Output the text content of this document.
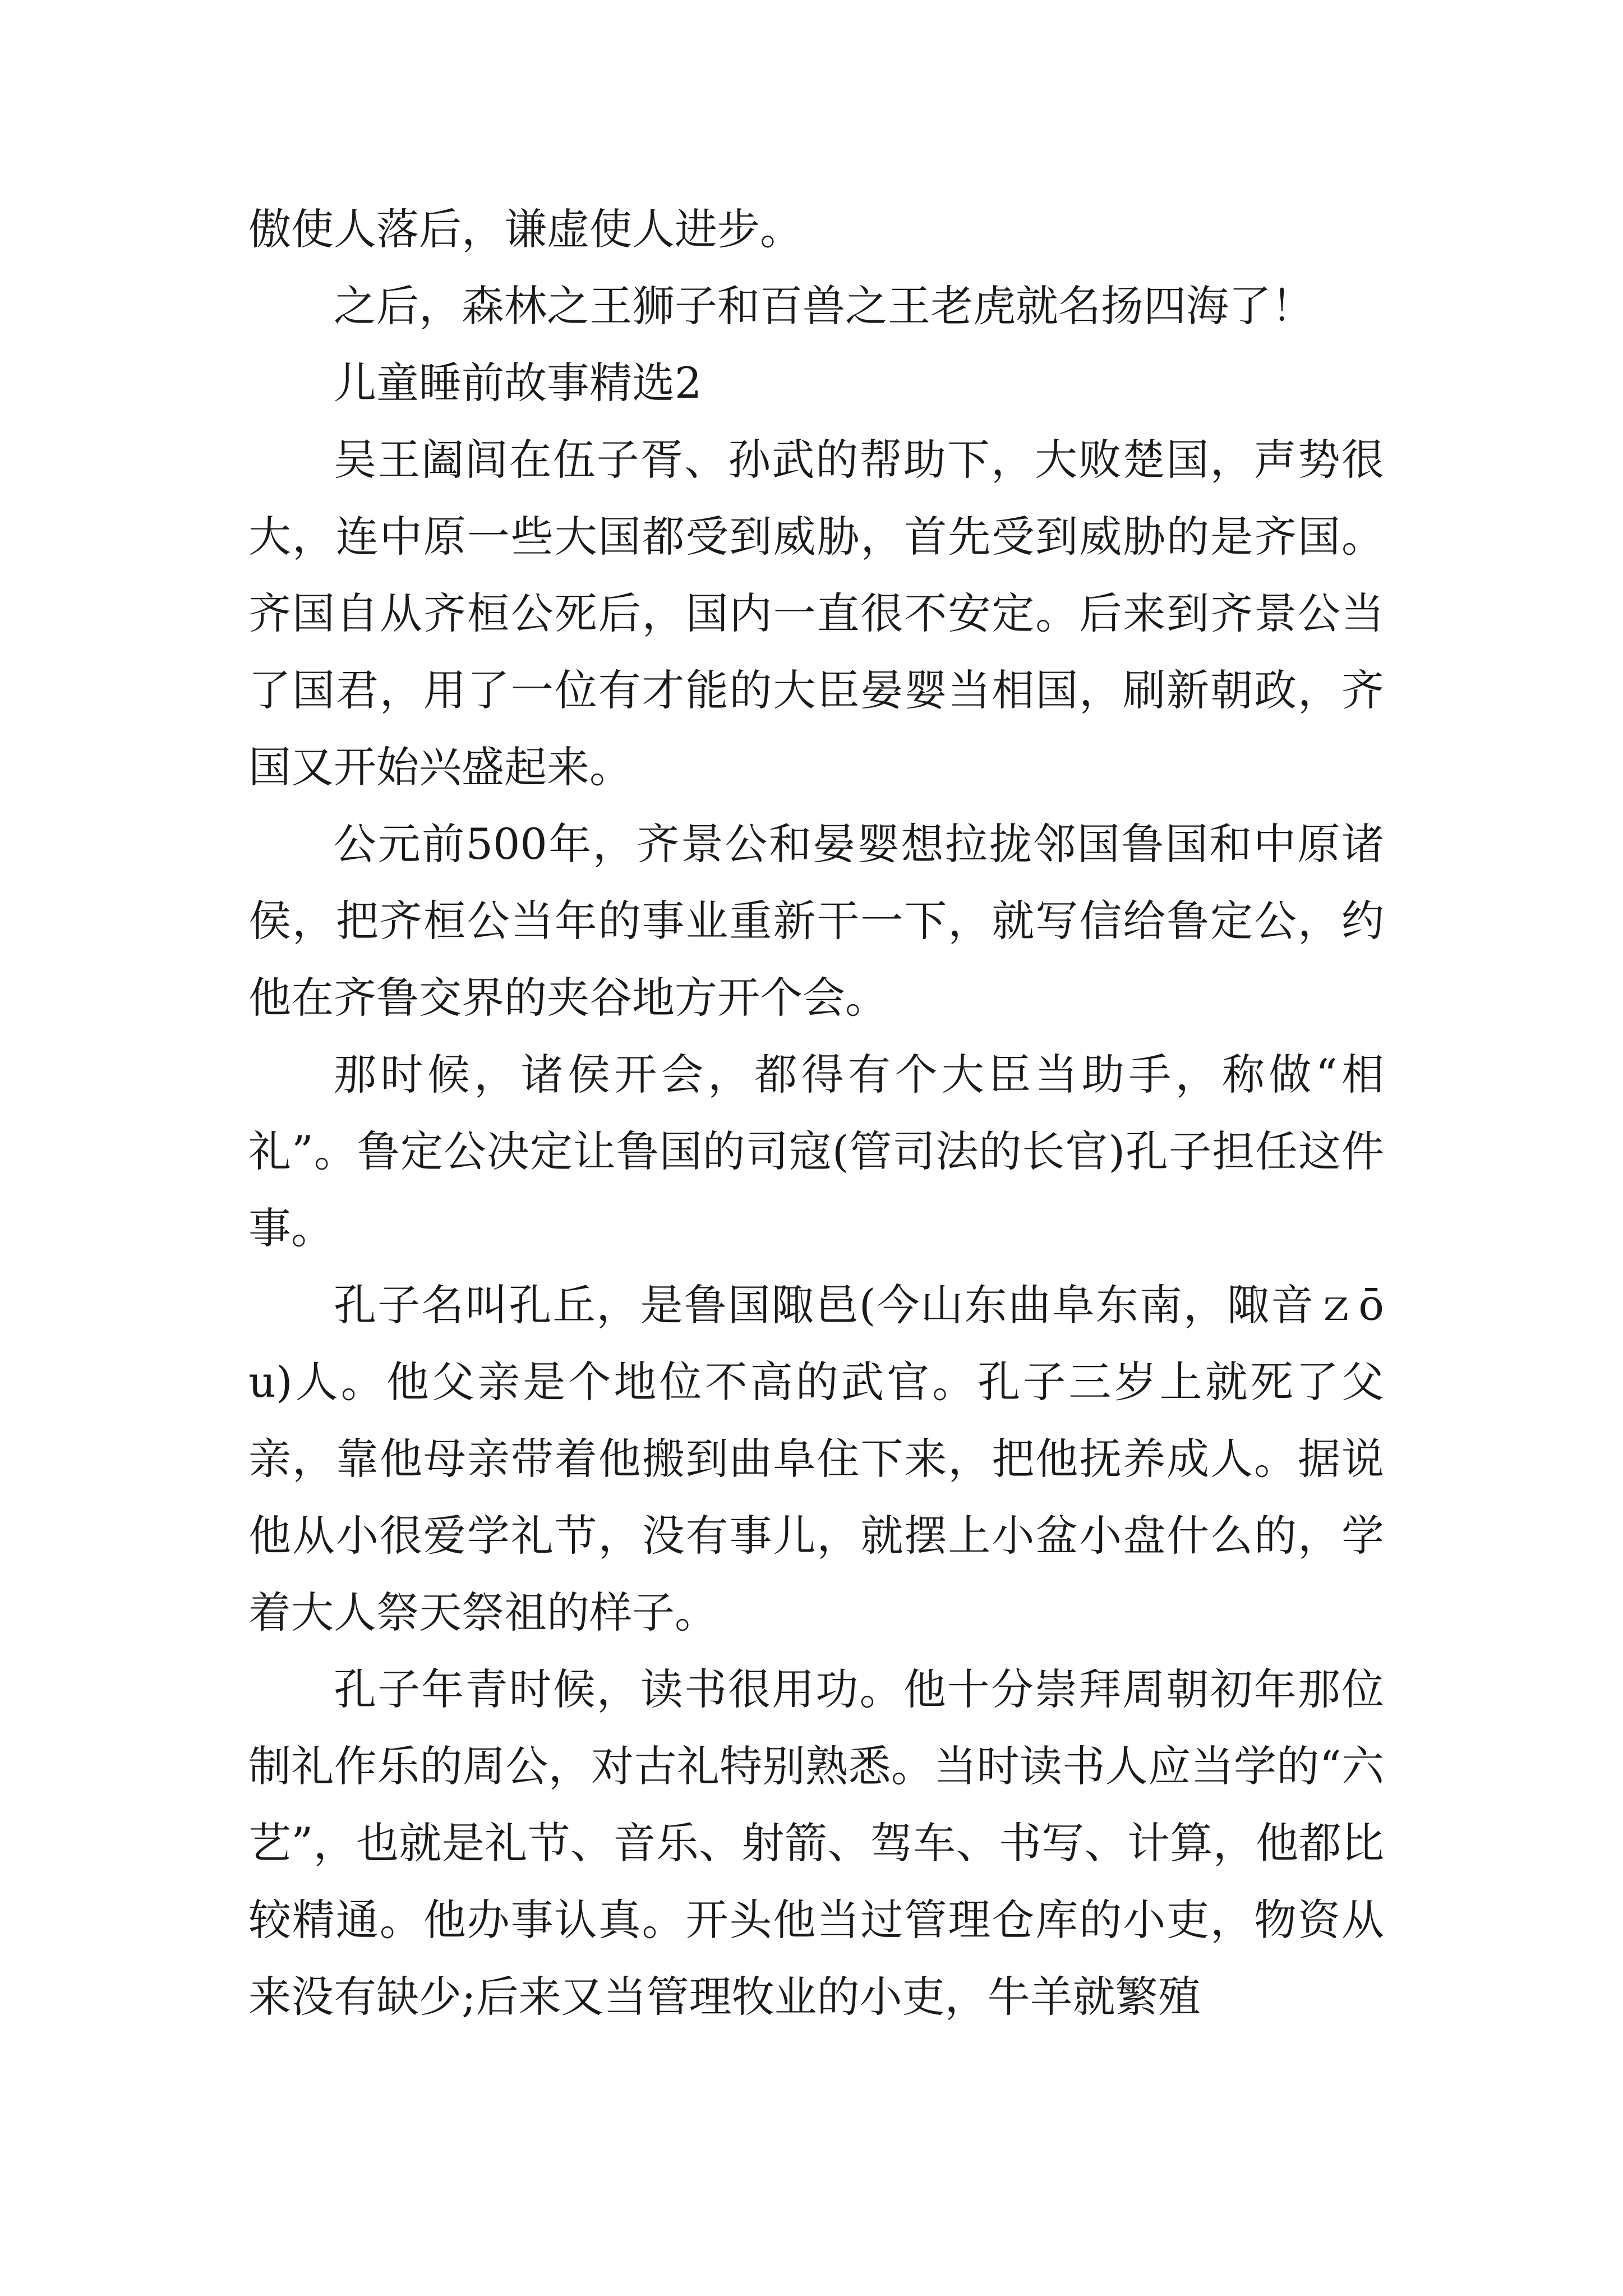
傲使人落后，谦虚使人进步。

之后，森林之王狮子和百兽之王老虎就名扬四海了！

儿童睡前故事精选2

吴王阖闾在伍子胥、孙武的帮助下，大败楚国，声势很大，连中原一些大国都受到威胁，首先受到威胁的是齐国。齐国自从齐桓公死后，国内一直很不安定。后来到齐景公当了国君，用了一位有才能的大臣晏婴当相国，刷新朝政，齐国又开始兴盛起来。

公元前500年，齐景公和晏婴想拉拢邻国鲁国和中原诸侯，把齐桓公当年的事业重新干一下，就写信给鲁定公，约他在齐鲁交界的夹谷地方开个会。

那时候，诸侯开会，都得有个大臣当助手，称做“相礼”。鲁定公决定让鲁国的司寇(管司法的长官)孔子担任这件事。

孔子名叫孔丘，是鲁国陬邑(今山东曲阜东南，陬音ｚōu)人。他父亲是个地位不高的武官。孔子三岁上就死了父亲，靠他母亲带着他搬到曲阜住下来，把他抚养成人。据说他从小很爱学礼节，没有事儿，就摆上小盆小盘什么的，学着大人祭天祭祖的样子。

孔子年青时候，读书很用功。他十分崇拜周朝初年那位制礼作乐的周公，对古礼特别熟悉。当时读书人应当学的“六艺”，也就是礼节、音乐、射箭、驾车、书写、计算，他都比较精通。他办事认真。开头他当过管理仓库的小吏，物资从来没有缺少;后来又当管理牧业的小吏，牛羊就繁殖
